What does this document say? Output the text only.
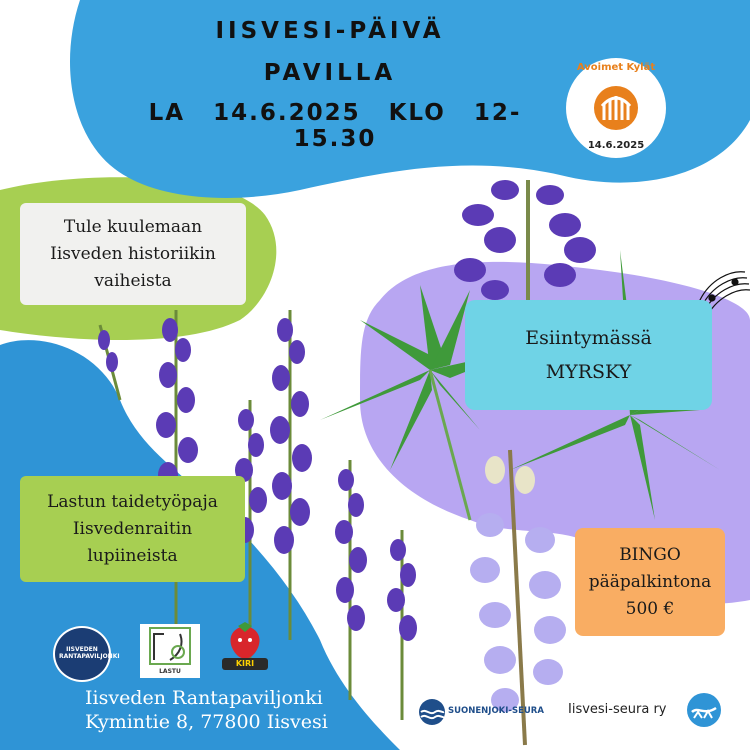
IISVESI-PÄIVÄ
PAVILLA
LA 14.6.2025 KLO 12-15.30
Avoimet Kylät
14.6.2025
Tule kuulemaan
Iisveden historiikin
vaiheista
Esiintymässä
MYRSKY
Lastun taidetyöpaja
Iisvedenraitin
lupiineista	BINGO
pääpalkintona
500 €
IISVEDEN RANTAPAVILJONKI
LASTU
KIRI
Iisveden Rantapaviljonki
Kymintie 8, 77800 Iisvesi	SUONENJOKI-SEURA Iisvesi-seura ry
